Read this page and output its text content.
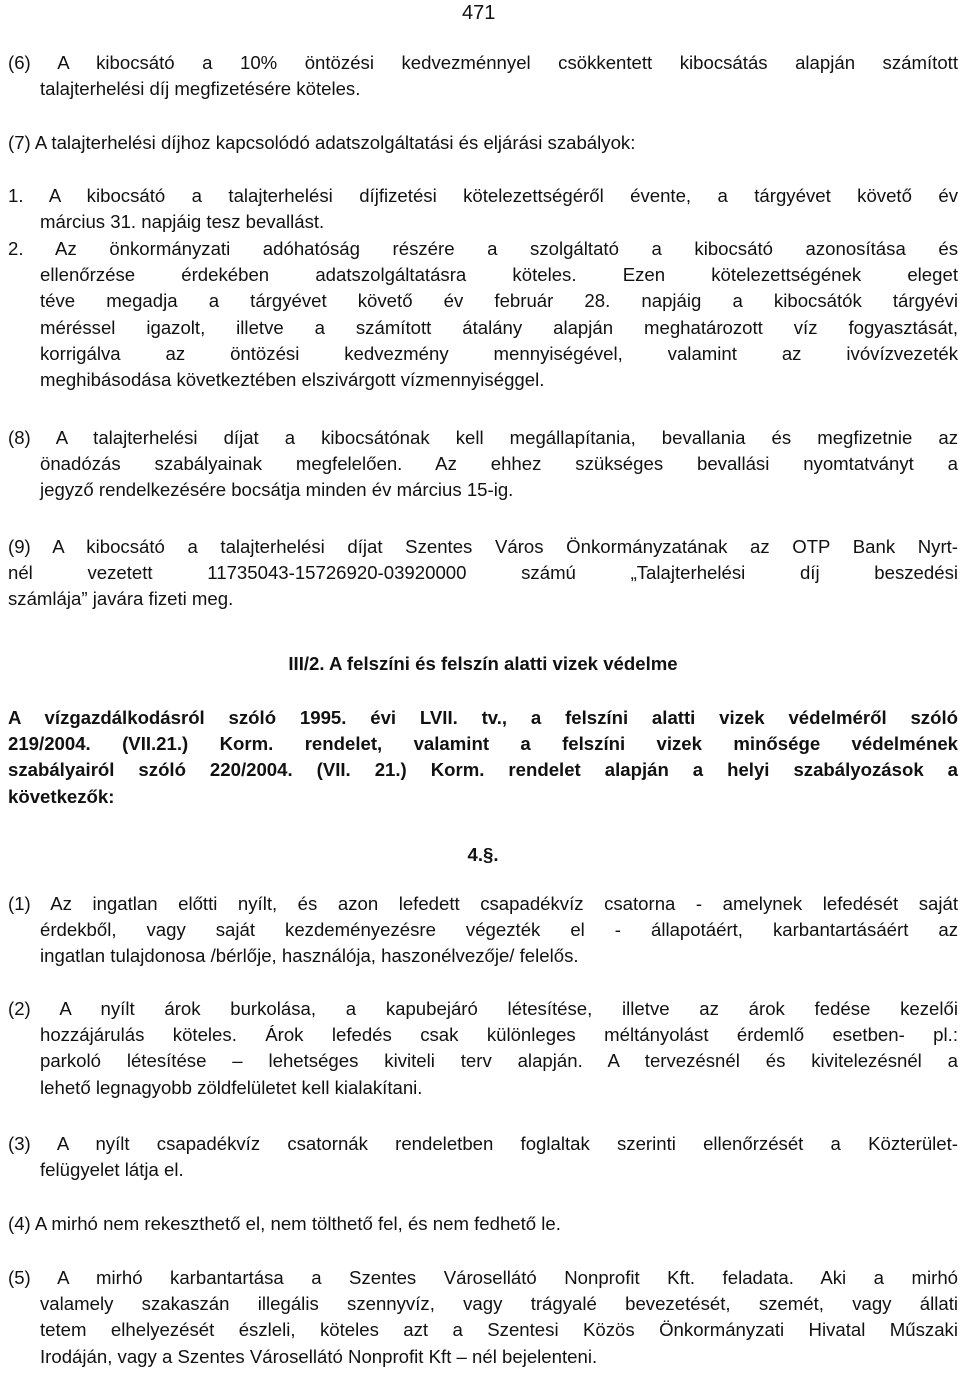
471
(6) A kibocsátó a 10% öntözési kedvezménnyel csökkentett kibocsátás alapján számított
talajterhelési díj megfizetésére köteles.
(7) A talajterhelési díjhoz kapcsolódó adatszolgáltatási és eljárási szabályok:
1. A kibocsátó a talajterhelési díjfizetési kötelezettségéről évente, a tárgyévet követő év
március 31. napjáig tesz bevallást.
2. Az önkormányzati adóhatóság részére a szolgáltató a kibocsátó azonosítása és
ellenőrzése érdekében adatszolgáltatásra köteles. Ezen kötelezettségének eleget
téve megadja a tárgyévet követő év február 28. napjáig a kibocsátók tárgyévi
méréssel igazolt, illetve a számított átalány alapján meghatározott víz fogyasztását,
korrigálva az öntözési kedvezmény mennyiségével, valamint az ivóvízvezeték
meghibásodása következtében elszivárgott vízmennyiséggel.
(8) A talajterhelési díjat a kibocsátónak kell megállapítania, bevallania és megfizetnie az
önadózás szabályainak megfelelően. Az ehhez szükséges bevallási nyomtatványt a
jegyző rendelkezésére bocsátja minden év március 15-ig.
(9) A kibocsátó a talajterhelési díjat Szentes Város Önkormányzatának az OTP Bank Nyrt-
nél vezetett 11735043-15726920-03920000 számú „Talajterhelési díj beszedési
számlája” javára fizeti meg.
III/2. A felszíni és felszín alatti vizek védelme
A vízgazdálkodásról szóló 1995. évi LVII. tv., a felszíni alatti vizek védelméről szóló
219/2004. (VII.21.) Korm. rendelet, valamint a felszíni vizek minősége védelmének
szabályairól szóló 220/2004. (VII. 21.) Korm. rendelet alapján a helyi szabályozások a
következők:
4.§.
(1) Az ingatlan előtti nyílt, és azon lefedett csapadékvíz csatorna - amelynek lefedését saját
érdekből, vagy saját kezdeményezésre végezték el - állapotáért, karbantartásáért az
ingatlan tulajdonosa /bérlője, használója, haszonélvezője/ felelős.
(2) A nyílt árok burkolása, a kapubejáró létesítése, illetve az árok fedése kezelői
hozzájárulás köteles. Árok lefedés csak különleges méltányolást érdemlő esetben- pl.:
parkoló létesítése – lehetséges kiviteli terv alapján. A tervezésnél és kivitelezésnél a
lehető legnagyobb zöldfelületet kell kialakítani.
(3) A nyílt csapadékvíz csatornák rendeletben foglaltak szerinti ellenőrzését a Közterület-
felügyelet látja el.
(4) A mirhó nem rekeszthető el, nem tölthető fel, és nem fedhető le.
(5) A mirhó karbantartása a Szentes Városellátó Nonprofit Kft. feladata. Aki a mirhó
valamely szakaszán illegális szennyvíz, vagy trágyalé bevezetését, szemét, vagy állati
tetem elhelyezését észleli, köteles azt a Szentesi Közös Önkormányzati Hivatal Műszaki
Irodáján, vagy a Szentes Városellátó Nonprofit Kft – nél bejelenteni.
